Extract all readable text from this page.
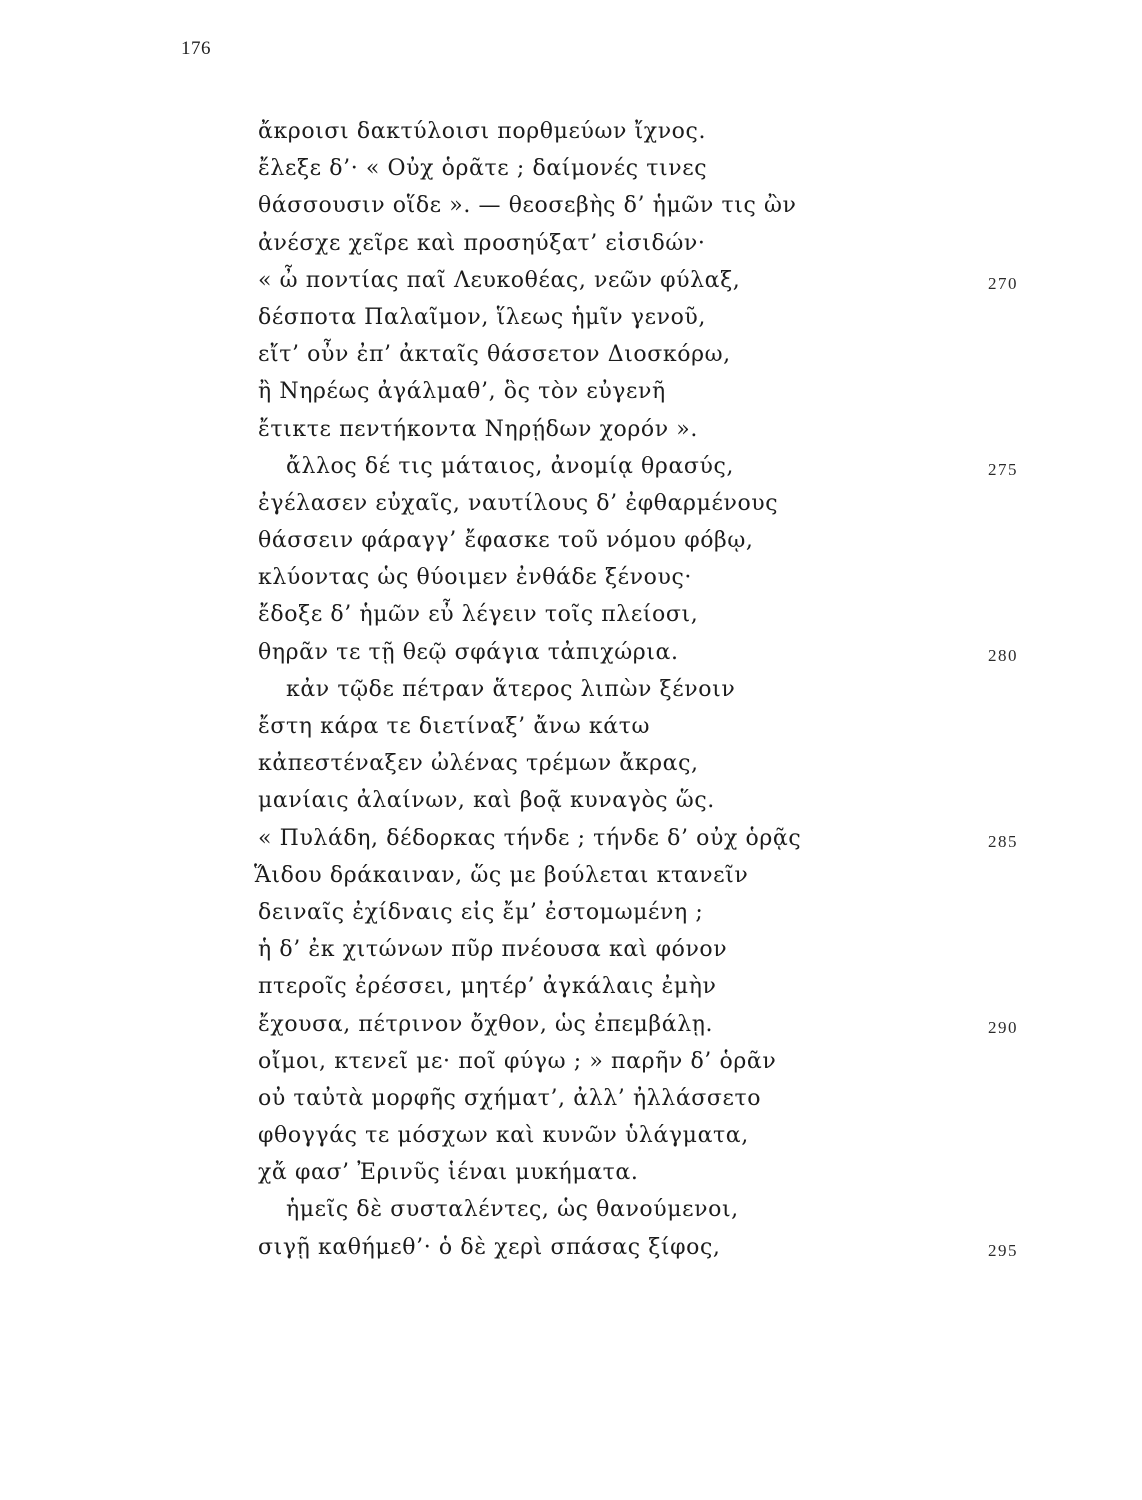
176
ἄκροισι δακτύλοισι πορθμεύων ἴχνος.
ἔλεξε δ’· « Οὐχ ὁρᾶτε ; δαίμονές τινες
θάσσουσιν οἵδε ». — θεοσεβὴς δ’ ἡμῶν τις ὢν
ἀνέσχε χεῖρε καὶ προσηύξατ’ εἰσιδών·
« ὦ ποντίας παῖ Λευκοθέας, νεῶν φύλαξ,	270
δέσποτα Παλαῖμον, ἵλεως ἡμῖν γενοῦ,
εἴτ’ οὖν ἐπ’ ἀκταῖς θάσσετον Διοσκόρω,
ἢ Νηρέως ἀγάλμαθ’, ὃς τὸν εὐγενῆ
ἔτικτε πεντήκοντα Νηρῄδων χορόν ».
ἄλλος δέ τις μάταιος, ἀνομίᾳ θρασύς,	275
ἐγέλασεν εὐχαῖς, ναυτίλους δ’ ἐφθαρμένους
θάσσειν φάραγγ’ ἔφασκε τοῦ νόμου φόβῳ,
κλύοντας ὡς θύοιμεν ἐνθάδε ξένους·
ἔδοξε δ’ ἡμῶν εὖ λέγειν τοῖς πλείοσι,
θηρᾶν τε τῇ θεῷ σφάγια τἀπιχώρια.	280
κἀν τῷδε πέτραν ἅτερος λιπὼν ξένοιν
ἔστη κάρα τε διετίναξ’ ἄνω κάτω
κἀπεστέναξεν ὠλένας τρέμων ἄκρας,
μανίαις ἀλαίνων, καὶ βοᾷ κυναγὸς ὥς.
« Πυλάδη, δέδορκας τήνδε ; τήνδε δ’ οὐχ ὁρᾷς	285
Ἅιδου δράκαιναν, ὥς με βούλεται κτανεῖν
δειναῖς ἐχίδναις εἰς ἔμ’ ἐστομωμένη ;
ἡ δ’ ἐκ χιτώνων πῦρ πνέουσα καὶ φόνον
πτεροῖς ἐρέσσει, μητέρ’ ἀγκάλαις ἐμὴν
ἔχουσα, πέτρινον ὄχθον, ὡς ἐπεμβάλῃ.	290
οἴμοι, κτενεῖ με· ποῖ φύγω ; » παρῆν δ’ ὁρᾶν
οὐ ταὐτὰ μορφῆς σχήματ’, ἀλλ’ ἠλλάσσετο
φθογγάς τε μόσχων καὶ κυνῶν ὑλάγματα,
χἄ φασ’ Ἐρινῦς ἱέναι μυκήματα.
ἡμεῖς δὲ συσταλέντες, ὡς θανούμενοι,
σιγῇ καθήμεθ’· ὁ δὲ χερὶ σπάσας ξίφος,	295
